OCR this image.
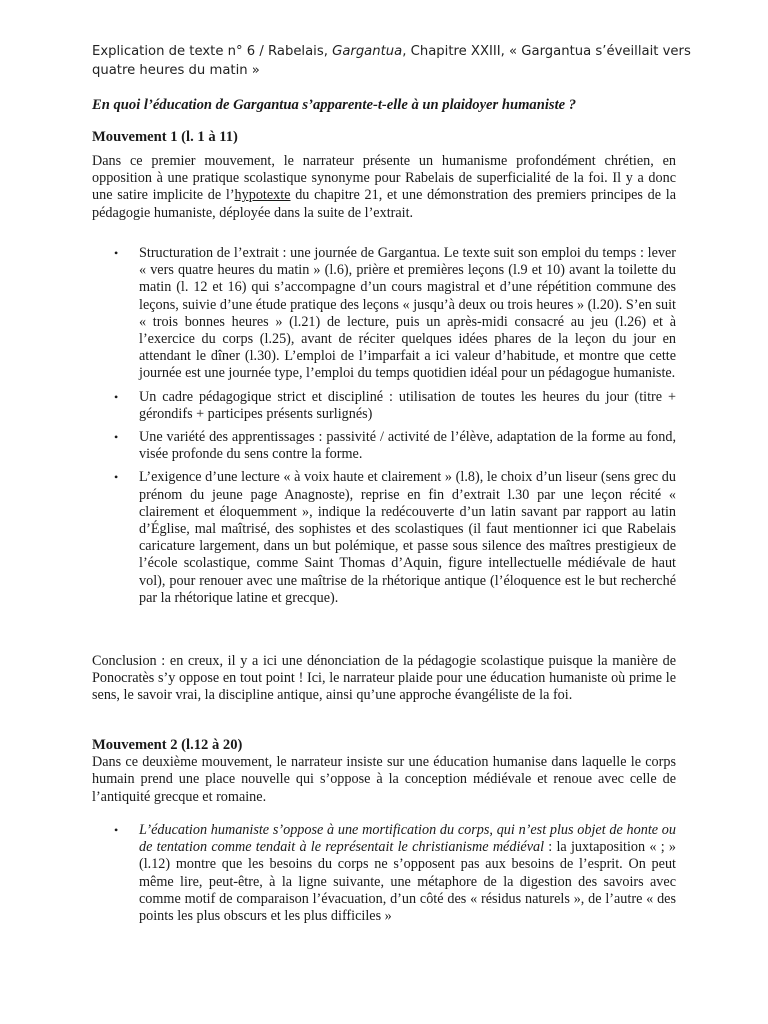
Explication de texte n° 6 / Rabelais, Gargantua, Chapitre XXIII, « Gargantua s’éveillait vers quatre heures du matin »
En quoi l’éducation de Gargantua s’apparente-t-elle à un plaidoyer humaniste ?
Mouvement 1 (l. 1 à 11)

Dans ce premier mouvement, le narrateur présente un humanisme profondément chrétien, en opposition à une pratique scolastique synonyme pour Rabelais de superficialité de la foi. Il y a donc une satire implicite de l’hypotexte du chapitre 21, et une démonstration des premiers principes de la pédagogie humaniste, déployée dans la suite de l’extrait.

• Structuration de l’extrait : une journée de Gargantua. Le texte suit son emploi du temps : lever « vers quatre heures du matin » (l.6), prière et premières leçons (l.9 et 10) avant la toilette du matin (l. 12 et 16) qui s’accompagne d’un cours magistral et d’une répétition commune des leçons, suivie d’une étude pratique des leçons « jusqu’à deux ou trois heures » (l.20). S’en suit « trois bonnes heures » (l.21) de lecture, puis un après-midi consacré au jeu (l.26) et à l’exercice du corps (l.25), avant de réciter quelques idées phares de la leçon du jour en attendant le dîner (l.30). L’emploi de l’imparfait a ici valeur d’habitude, et montre que cette journée est une journée type, l’emploi du temps quotidien idéal pour un pédagogue humaniste.
• Un cadre pédagogique strict et discipliné : utilisation de toutes les heures du jour (titre + gérondifs + participes présents surlignés)
• Une variété des apprentissages : passivité / activité de l’élève, adaptation de la forme au fond, visée profonde du sens contre la forme.
• L’exigence d’une lecture « à voix haute et clairement » (l.8), le choix d’un liseur (sens grec du prénom du jeune page Anagnoste), reprise en fin d’extrait l.30 par une leçon récité « clairement et éloquemment », indique la redécouverte d’un latin savant par rapport au latin d’Église, mal maîtrisé, des sophistes et des scolastiques (il faut mentionner ici que Rabelais caricature largement, dans un but polémique, et passe sous silence des maîtres prestigieux de l’école scolastique, comme Saint Thomas d’Aquin, figure intellectuelle médiévale de haut vol), pour renouer avec une maîtrise de la rhétorique antique (l’éloquence est le but recherché par la rhétorique latine et grecque).

Conclusion : en creux, il y a ici une dénonciation de la pédagogie scolastique puisque la manière de Ponocratès s’y oppose en tout point ! Ici, le narrateur plaide pour une éducation humaniste où prime le sens, le savoir vrai, la discipline antique, ainsi qu’une approche évangéliste de la foi.

Mouvement 2 (l.12 à 20)

Dans ce deuxième mouvement, le narrateur insiste sur une éducation humanise dans laquelle le corps humain prend une place nouvelle qui s’oppose à la conception médiévale et renoue avec celle de l’antiquité grecque et romaine.

• L’éducation humaniste s’oppose à une mortification du corps, qui n’est plus objet de honte ou de tentation comme tendait à le représentait le christianisme médiéval : la juxtaposition « ; » (l.12) montre que les besoins du corps ne s’opposent pas aux besoins de l’esprit. On peut même lire, peut-être, à la ligne suivante, une métaphore de la digestion des savoirs avec comme motif de comparaison l’évacuation, d’un côté des « résidus naturels », de l’autre « des points les plus obscurs et les plus difficiles »
